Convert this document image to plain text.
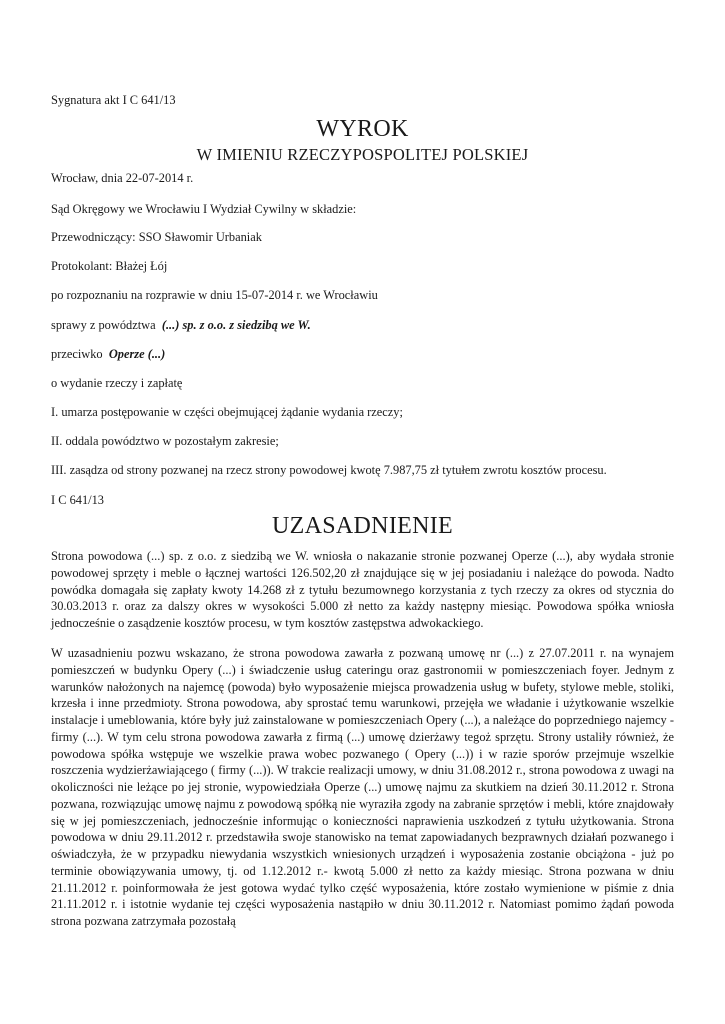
Sygnatura akt I C 641/13
WYROK
W IMIENIU RZECZYPOSPOLITEJ POLSKIEJ
Wrocław, dnia 22-07-2014 r.
Sąd Okręgowy we Wrocławiu I Wydział Cywilny w składzie:
Przewodniczący: SSO Sławomir Urbaniak
Protokolant: Błażej Łój
po rozpoznaniu na rozprawie w dniu 15-07-2014 r. we Wrocławiu
sprawy z powództwa (...) sp. z o.o. z siedzibą we W.
przeciwko Operze (...)
o wydanie rzeczy i zapłatę
I. umarza postępowanie w części obejmującej żądanie wydania rzeczy;
II. oddala powództwo w pozostałym zakresie;
III. zasądza od strony pozwanej na rzecz strony powodowej kwotę 7.987,75 zł tytułem zwrotu kosztów procesu.
I C 641/13
UZASADNIENIE

Strona powodowa (...) sp. z o.o. z siedzibą we W. wniosła o nakazanie stronie pozwanej Operze (...), aby wydała stronie powodowej sprzęty i meble o łącznej wartości 126.502,20 zł znajdujące się w jej posiadaniu i należące do powoda. Nadto powódka domagała się zapłaty kwoty 14.268 zł z tytułu bezumownego korzystania z tych rzeczy za okres od stycznia do 30.03.2013 r. oraz za dalszy okres w wysokości 5.000 zł netto za każdy następny miesiąc. Powodowa spółka wniosła jednocześnie o zasądzenie kosztów procesu, w tym kosztów zastępstwa adwokackiego.

W uzasadnieniu pozwu wskazano, że strona powodowa zawarła z pozwaną umowę nr (...) z 27.07.2011 r. na wynajem pomieszczeń w budynku Opery (...) i świadczenie usług cateringu oraz gastronomii w pomieszczeniach foyer. Jednym z warunków nałożonych na najemcę (powoda) było wyposażenie miejsca prowadzenia usług w bufety, stylowe meble, stoliki, krzesła i inne przedmioty. Strona powodowa, aby sprostać temu warunkowi, przejęła we władanie i użytkowanie wszelkie instalacje i umeblowania, które były już zainstalowane w pomieszczeniach Opery (...), a należące do poprzedniego najemcy - firmy (...). W tym celu strona powodowa zawarła z firmą (...) umowę dzierżawy tegoż sprzętu. Strony ustaliły również, że powodowa spółka wstępuje we wszelkie prawa wobec pozwanego ( Opery (...)) i w razie sporów przejmuje wszelkie roszczenia wydzierżawiającego ( firmy (...)). W trakcie realizacji umowy, w dniu 31.08.2012 r., strona powodowa z uwagi na okoliczności nie leżące po jej stronie, wypowiedziała Operze (...) umowę najmu za skutkiem na dzień 30.11.2012 r. Strona pozwana, rozwiązując umowę najmu z powodową spółką nie wyraziła zgody na zabranie sprzętów i mebli, które znajdowały się w jej pomieszczeniach, jednocześnie informując o konieczności naprawienia uszkodzeń z tytułu użytkowania. Strona powodowa w dniu 29.11.2012 r. przedstawiła swoje stanowisko na temat zapowiadanych bezprawnych działań pozwanego i oświadczyła, że w przypadku niewydania wszystkich wniesionych urządzeń i wyposażenia zostanie obciążona - już po terminie obowiązywania umowy, tj. od 1.12.2012 r.- kwotą 5.000 zł netto za każdy miesiąc. Strona pozwana w dniu 21.11.2012 r. poinformowała że jest gotowa wydać tylko część wyposażenia, które zostało wymienione w piśmie z dnia 21.11.2012 r. i istotnie wydanie tej części wyposażenia nastąpiło w dniu 30.11.2012 r. Natomiast pomimo żądań powoda strona pozwana zatrzymała pozostałą
